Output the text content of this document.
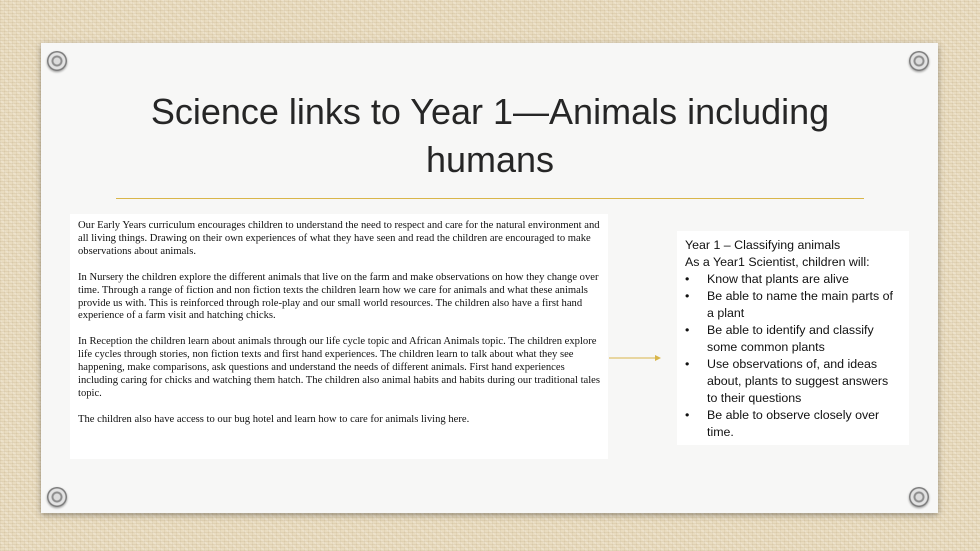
Science links to Year 1—Animals including humans

Our Early Years curriculum encourages children to understand the need to respect and care for the natural environment and all living things. Drawing on their own experiences of what they have seen and read the children are encouraged to make observations about animals.

In Nursery the children explore the different animals that live on the farm and make observations on how they change over time. Through a range of fiction and non fiction texts the children learn how we care for animals and what these animals provide us with. This is reinforced through role-play and our small world resources. The children also have a first hand experience of a farm visit and hatching chicks.

In Reception the children learn about animals through our life cycle topic and African Animals topic. The children explore life cycles through stories, non fiction texts and first hand experiences. The children learn to talk about what they see happening, make comparisons, ask questions and understand the needs of different animals. First hand experiences including caring for chicks and watching them hatch. The children also animal habits and habits during our traditional tales topic.

The children also have access to our bug hotel and learn how to care for animals living here.

Year 1 – Classifying animals
As a Year1 Scientist, children will:
• Know that plants are alive
• Be able to name the main parts of a plant
• Be able to identify and classify some common plants
• Use observations of, and ideas about, plants to suggest answers to their questions
• Be able to observe closely over time.
